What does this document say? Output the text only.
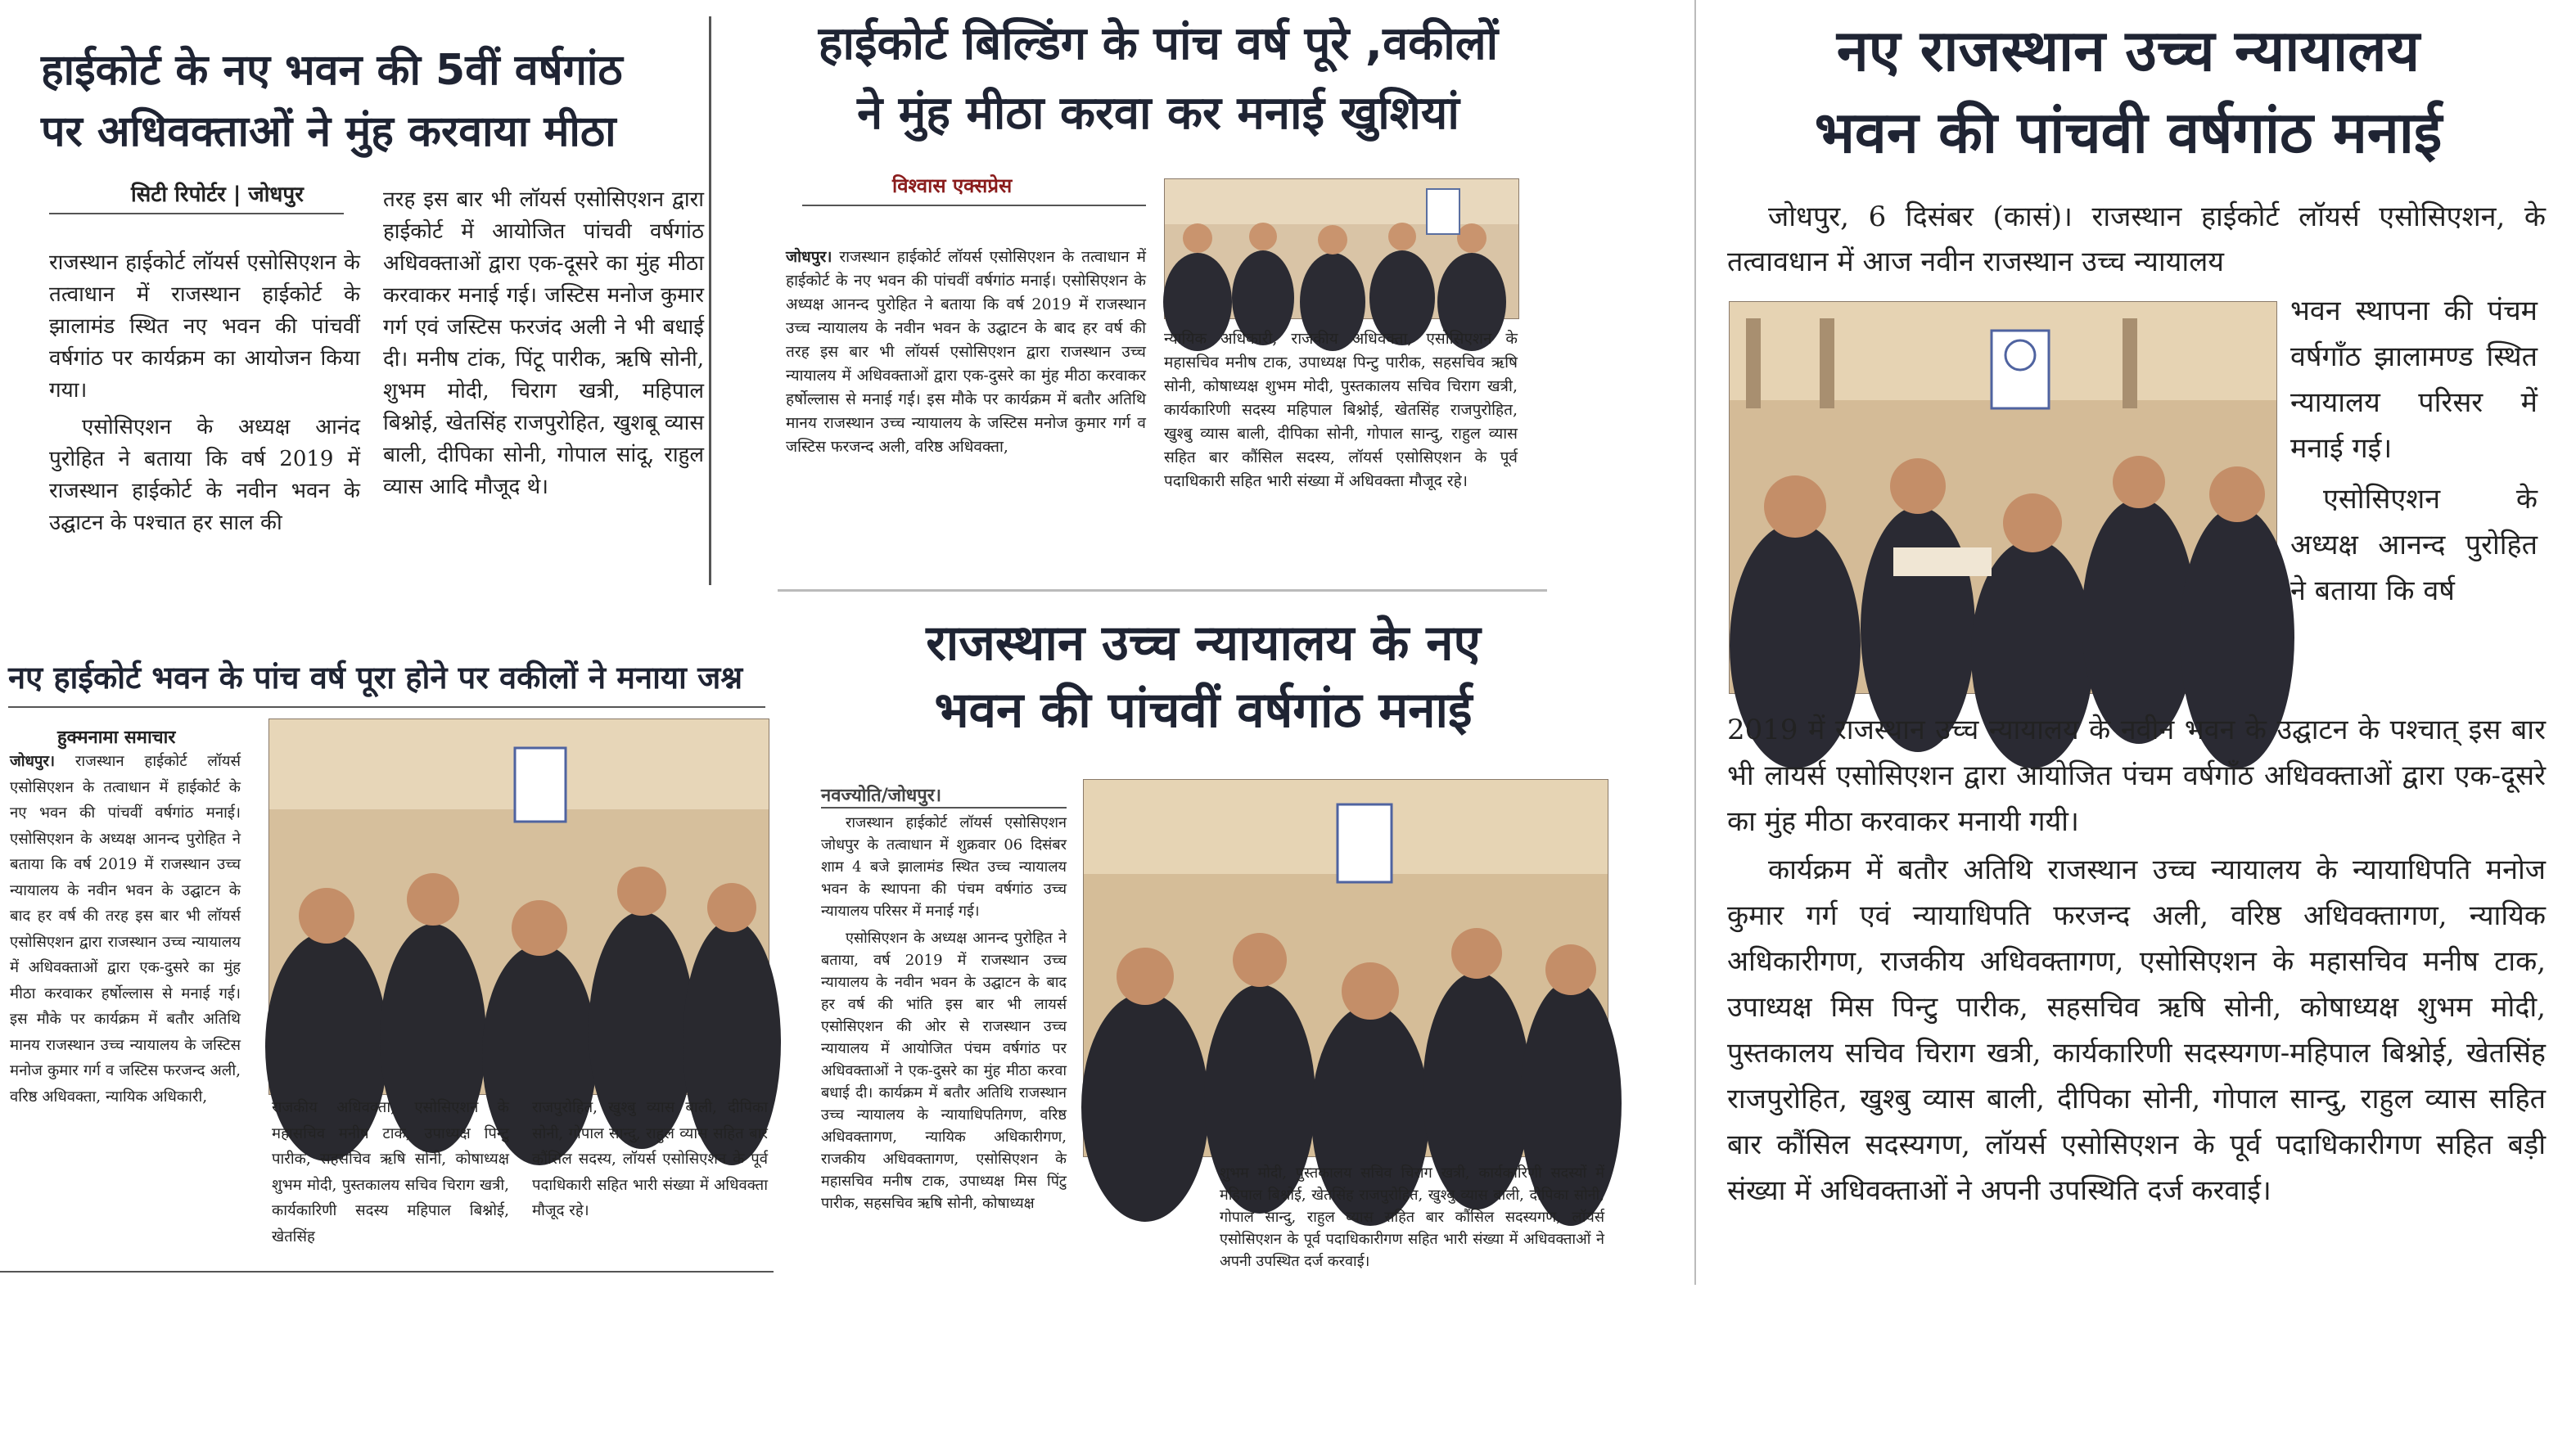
हाईकोर्ट के नए भवन की 5वीं वर्षगांठ
पर अधिवक्ताओं ने मुंह करवाया मीठा
सिटी रिपोर्टर | जोधपुर

राजस्थान हाईकोर्ट लॉयर्स एसोसिएशन के तत्वाधान में राजस्थान हाईकोर्ट के झालामंड स्थित नए भवन की पांचवीं वर्षगांठ पर कार्यक्रम का आयोजन किया गया।

एसोसिएशन के अध्यक्ष आनंद पुरोहित ने बताया कि वर्ष 2019 में राजस्थान हाईकोर्ट के नवीन भवन के उद्घाटन के पश्चात हर साल की

तरह इस बार भी लॉयर्स एसोसिएशन द्वारा हाईकोर्ट में आयोजित पांचवी वर्षगांठ अधिवक्ताओं द्वारा एक-दूसरे का मुंह मीठा करवाकर मनाई गई। जस्टिस मनोज कुमार गर्ग एवं जस्टिस फरजंद अली ने भी बधाई दी। मनीष टांक, पिंटू पारीक, ऋषि सोनी, शुभम मोदी, चिराग खत्री, महिपाल बिश्नोई, खेतसिंह राजपुरोहित, खुशबू व्यास बाली, दीपिका सोनी, गोपाल सांदू, राहुल व्यास आदि मौजूद थे।

हाईकोर्ट बिल्डिंग के पांच वर्ष पूरे ,वकीलों
ने मुंह मीठा करवा कर मनाई खुशियां
विश्वास एक्सप्रेस

जोधपुर। राजस्थान हाईकोर्ट लॉयर्स एसोसिएशन के तत्वाधान में हाईकोर्ट के नए भवन की पांचवीं वर्षगांठ मनाई। एसोसिएशन के अध्यक्ष आनन्द पुरोहित ने बताया कि वर्ष 2019 में राजस्थान उच्च न्यायालय के नवीन भवन के उद्घाटन के बाद हर वर्ष की तरह इस बार भी लॉयर्स एसोसिएशन द्वारा राजस्थान उच्च न्यायालय में अधिवक्ताओं द्वारा एक-दुसरे का मुंह मीठा करवाकर हर्षोल्लास से मनाई गई। इस मौके पर कार्यक्रम में बतौर अतिथि मानय राजस्थान उच्च न्यायालय के जस्टिस मनोज कुमार गर्ग व जस्टिस फरजन्द अली, वरिष्ठ अधिवक्ता,

न्यायिक अधिकारी, राजकीय अधिवक्ता, एसोसिएशन के महासचिव मनीष टाक, उपाध्यक्ष पिन्टु पारीक, सहसचिव ऋषि सोनी, कोषाध्यक्ष शुभम मोदी, पुस्तकालय सचिव चिराग खत्री, कार्यकारिणी सदस्य महिपाल बिश्नोई, खेतसिंह राजपुरोहित, खुश्बु व्यास बाली, दीपिका सोनी, गोपाल सान्दु, राहुल व्यास सहित बार कौंसिल सदस्य, लॉयर्स एसोसिएशन के पूर्व पदाधिकारी सहित भारी संख्या में अधिवक्ता मौजूद रहे।

नए राजस्थान उच्च न्यायालय
भवन की पांचवी वर्षगांठ मनाई

जोधपुर, 6 दिसंबर (कासं)। राजस्थान हाईकोर्ट लॉयर्स एसोसिएशन, के तत्वावधान में आज नवीन राजस्थान उच्च न्यायालय

भवन स्थापना की पंचम वर्षगाँठ झालामण्ड स्थित न्यायालय परिसर में मनाई गई।

एसोसिएशन के अध्यक्ष आनन्द पुरोहित ने बताया कि वर्ष

2019 में राजस्थान उच्च न्यायालय के नवीन भवन के उद्घाटन के पश्चात् इस बार भी लायर्स एसोसिएशन द्वारा आयोजित पंचम वर्षगाँठ अधिवक्ताओं द्वारा एक-दूसरे का मुंह मीठा करवाकर मनायी गयी।

कार्यक्रम में बतौर अतिथि राजस्थान उच्च न्यायालय के न्यायाधिपति मनोज कुमार गर्ग एवं न्यायाधिपति फरजन्द अली, वरिष्ठ अधिवक्तागण, न्यायिक अधिकारीगण, राजकीय अधिवक्तागण, एसोसिएशन के महासचिव मनीष टाक, उपाध्यक्ष मिस पिन्टु पारीक, सहसचिव ऋषि सोनी, कोषाध्यक्ष शुभम मोदी, पुस्तकालय सचिव चिराग खत्री, कार्यकारिणी सदस्यगण-महिपाल बिश्नोई, खेतसिंह राजपुरोहित, खुश्बु व्यास बाली, दीपिका सोनी, गोपाल सान्दु, राहुल व्यास सहित बार कौंसिल सदस्यगण, लॉयर्स एसोसिएशन के पूर्व पदाधिकारीगण सहित बड़ी संख्या में अधिवक्ताओं ने अपनी उपस्थिति दर्ज करवाई।

नए हाईकोर्ट भवन के पांच वर्ष पूरा होने पर वकीलों ने मनाया जश्न
हुक्मनामा समाचार

जोधपुर। राजस्थान हाईकोर्ट लॉयर्स एसोसिएशन के तत्वाधान में हाईकोर्ट के नए भवन की पांचवीं वर्षगांठ मनाई। एसोसिएशन के अध्यक्ष आनन्द पुरोहित ने बताया कि वर्ष 2019 में राजस्थान उच्च न्यायालय के नवीन भवन के उद्घाटन के बाद हर वर्ष की तरह इस बार भी लॉयर्स एसोसिएशन द्वारा राजस्थान उच्च न्यायालय में अधिवक्ताओं द्वारा एक-दुसरे का मुंह मीठा करवाकर हर्षोल्लास से मनाई गई। इस मौके पर कार्यक्रम में बतौर अतिथि मानय राजस्थान उच्च न्यायालय के जस्टिस मनोज कुमार गर्ग व जस्टिस फरजन्द अली, वरिष्ठ अधिवक्ता, न्यायिक अधिकारी,

राजकीय अधिवक्ता, एसोसिएशन के महासचिव मनीष टाक, उपाध्यक्ष पिन्टु पारीक, सहसचिव ऋषि सोनी, कोषाध्यक्ष शुभम मोदी, पुस्तकालय सचिव चिराग खत्री, कार्यकारिणी सदस्य महिपाल बिश्नोई, खेतसिंह

राजपुरोहित, खुश्बु व्यास बाली, दीपिका सोनी, गोपाल सान्दु, राहुल व्यास सहित बार कौंसिल सदस्य, लॉयर्स एसोसिएशन के पूर्व पदाधिकारी सहित भारी संख्या में अधिवक्ता मौजूद रहे।

राजस्थान उच्च न्यायालय के नए
भवन की पांचवीं वर्षगांठ मनाई
नवज्योति/जोधपुर।

राजस्थान हाईकोर्ट लॉयर्स एसोसिएशन जोधपुर के तत्वाधान में शुक्रवार 06 दिसंबर शाम 4 बजे झालामंड स्थित उच्च न्यायालय भवन के स्थापना की पंचम वर्षगांठ उच्च न्यायालय परिसर में मनाई गई।

एसोसिएशन के अध्यक्ष आनन्द पुरोहित ने बताया, वर्ष 2019 में राजस्थान उच्च न्यायालय के नवीन भवन के उद्घाटन के बाद हर वर्ष की भांति इस बार भी लायर्स एसोसिएशन की ओर से राजस्थान उच्च न्यायालय में आयोजित पंचम वर्षगांठ पर अधिवक्ताओं ने एक-दुसरे का मुंह मीठा करवा बधाई दी। कार्यक्रम में बतौर अतिथि राजस्थान उच्च न्यायालय के न्यायाधिपतिगण, वरिष्ठ अधिवक्तागण, न्यायिक अधिकारीगण, राजकीय अधिवक्तागण, एसोसिएशन के महासचिव मनीष टाक, उपाध्यक्ष मिस पिंटु पारीक, सहसचिव ऋषि सोनी, कोषाध्यक्ष

शुभम मोदी, पुस्तकालय सचिव चिराग खत्री, कार्यकारिणी सदस्यों में महिपाल बिश्नोई, खेतसिंह राजपुरोहित, खुश्बु व्यास बाली, दीपिका सोनी, गोपाल सान्दु, राहुल व्यास सहित बार कौंसिल सदस्यगण, लॉयर्स एसोसिएशन के पूर्व पदाधिकारीगण सहित भारी संख्या में अधिवक्ताओं ने अपनी उपस्थित दर्ज करवाई।
